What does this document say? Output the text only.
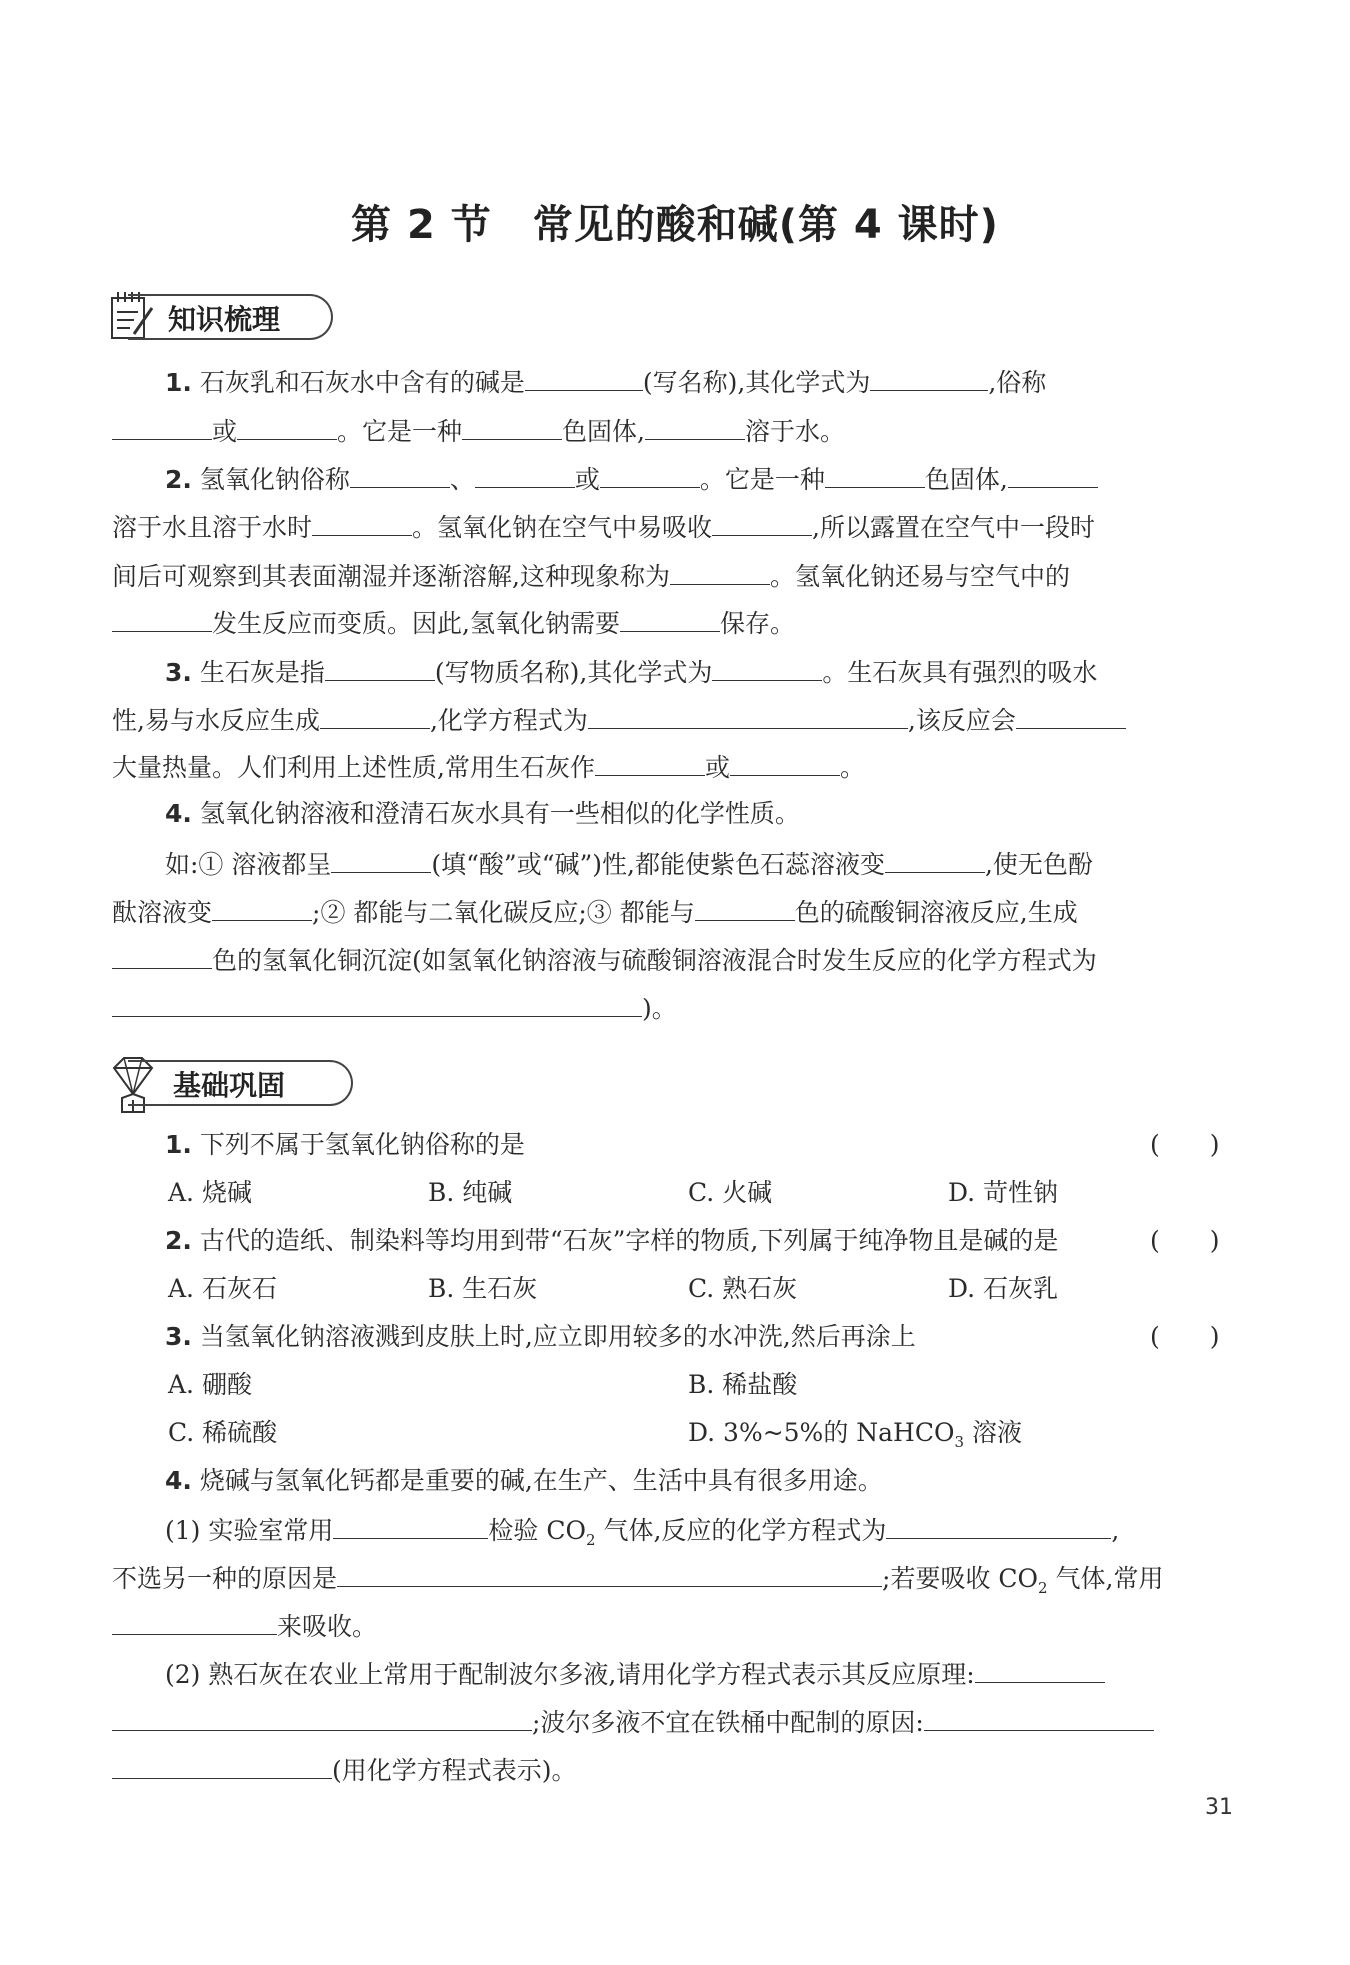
第 2 节　常见的酸和碱(第 4 课时)
知识梳理
1. 石灰乳和石灰水中含有的碱是	(写名称),其化学式为	,俗称
或	。它是一种	色固体,	溶于水。
2. 氢氧化钠俗称	、	或	。它是一种	色固体,
溶于水且溶于水时	。氢氧化钠在空气中易吸收	,所以露置在空气中一段时
间后可观察到其表面潮湿并逐渐溶解,这种现象称为	。氢氧化钠还易与空气中的
发生反应而变质。因此,氢氧化钠需要	保存。
3. 生石灰是指	(写物质名称),其化学式为	。生石灰具有强烈的吸水
性,易与水反应生成	,化学方程式为	,该反应会
大量热量。人们利用上述性质,常用生石灰作	或	。
4. 氢氧化钠溶液和澄清石灰水具有一些相似的化学性质。
如:① 溶液都呈	(填“酸”或“碱”)性,都能使紫色石蕊溶液变	,使无色酚
酞溶液变	;② 都能与二氧化碳反应;③ 都能与	色的硫酸铜溶液反应,生成
色的氢氧化铜沉淀(如氢氧化钠溶液与硫酸铜溶液混合时发生反应的化学方程式为
)。
基础巩固
1. 下列不属于氢氧化钠俗称的是	(　　)
A. 烧碱	B. 纯碱	C. 火碱	D. 苛性钠
2. 古代的造纸、制染料等均用到带“石灰”字样的物质,下列属于纯净物且是碱的是	(　　)
A. 石灰石	B. 生石灰	C. 熟石灰	D. 石灰乳
3. 当氢氧化钠溶液溅到皮肤上时,应立即用较多的水冲洗,然后再涂上	(　　)
A. 硼酸	B. 稀盐酸
C. 稀硫酸	D. 3%~5%的 NaHCO$_3$ 溶液
4. 烧碱与氢氧化钙都是重要的碱,在生产、生活中具有很多用途。
(1) 实验室常用	检验 $CO_2$ 气体,反应的化学方程式为	,
不选另一种的原因是	;若要吸收 $CO_2$ 气体,常用
来吸收。
(2) 熟石灰在农业上常用于配制波尔多液,请用化学方程式表示其反应原理:
;波尔多液不宜在铁桶中配制的原因:
(用化学方程式表示)。
31
